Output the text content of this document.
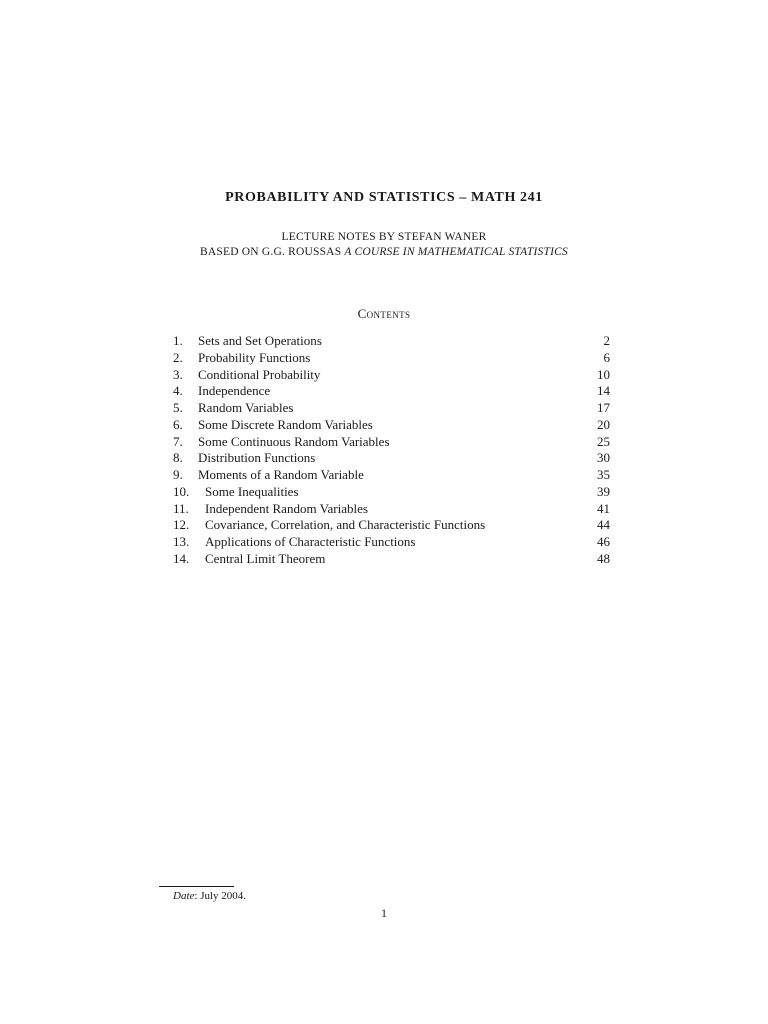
PROBABILITY AND STATISTICS – MATH 241
LECTURE NOTES BY STEFAN WANER
BASED ON G.G. ROUSSAS A COURSE IN MATHEMATICAL STATISTICS
Contents
1. Sets and Set Operations	2
2. Probability Functions	6
3. Conditional Probability	10
4. Independence	14
5. Random Variables	17
6. Some Discrete Random Variables	20
7. Some Continuous Random Variables	25
8. Distribution Functions	30
9. Moments of a Random Variable	35
10. Some Inequalities	39
11. Independent Random Variables	41
12. Covariance, Correlation, and Characteristic Functions	44
13. Applications of Characteristic Functions	46
14. Central Limit Theorem	48
Date: July 2004.
1
